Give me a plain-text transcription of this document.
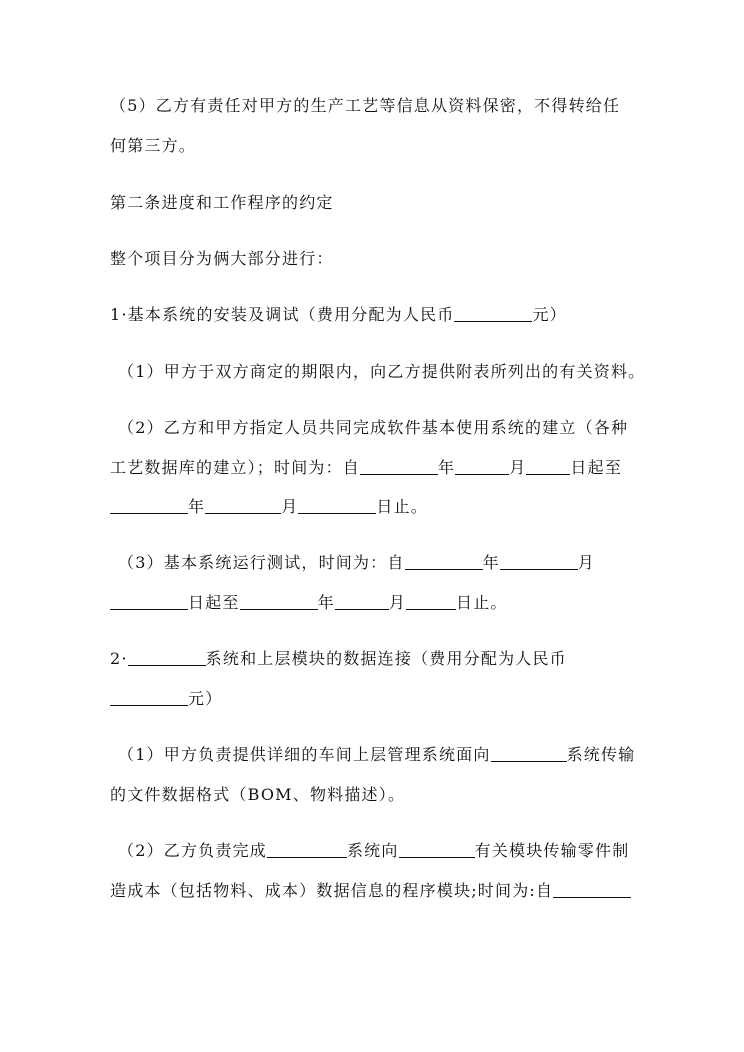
（5）乙方有责任对甲方的生产工艺等信息从资料保密，不得转给任
何第三方。
第二条进度和工作程序的约定
整个项目分为俩大部分进行：
1·基本系统的安装及调试（费用分配为人民币	元）
（1）甲方于双方商定的期限内，向乙方提供附表所列出的有关资料。
（2）乙方和甲方指定人员共同完成软件基本使用系统的建立（各种
工艺数据库的建立）；时间为：自	年	月	日起至
年	月	日止。
（3）基本系统运行测试，时间为：自	年	月
日起至	年	月	日止。
2·	系统和上层模块的数据连接（费用分配为人民币
元）
（1）甲方负责提供详细的车间上层管理系统面向	系统传输
的文件数据格式（BOM、物料描述）。
（2）乙方负责完成	系统向	有关模块传输零件制
造成本（包括物料、成本）数据信息的程序模块;时间为:自
